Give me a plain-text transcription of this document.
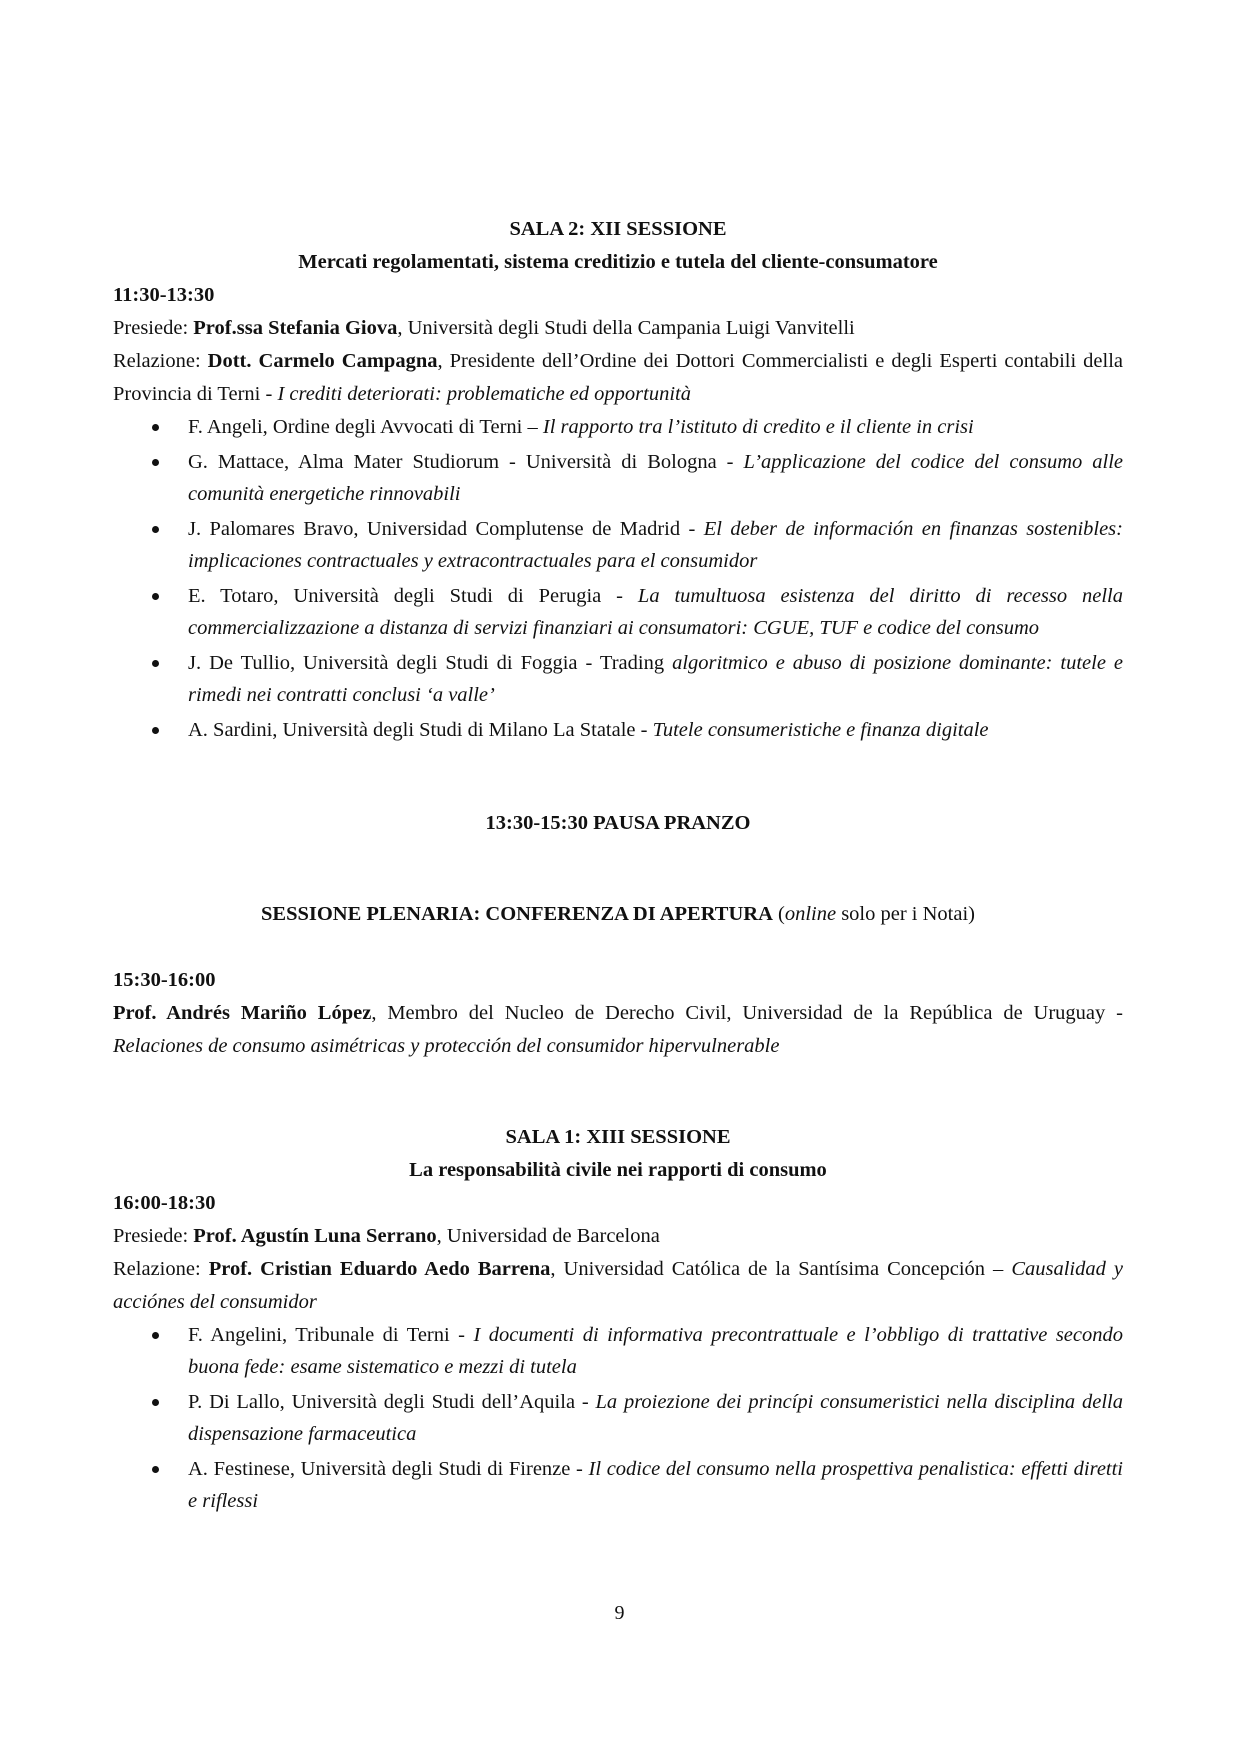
SALA 2: XII SESSIONE

Mercati regolamentati, sistema creditizio e tutela del cliente-consumatore

11:30-13:30

Presiede: Prof.ssa Stefania Giova, Università degli Studi della Campania Luigi Vanvitelli

Relazione: Dott. Carmelo Campagna, Presidente dell’Ordine dei Dottori Commercialisti e degli Esperti contabili della Provincia di Terni - I crediti deteriorati: problematiche ed opportunità

F. Angeli, Ordine degli Avvocati di Terni – Il rapporto tra l’istituto di credito e il cliente in crisi
G. Mattace, Alma Mater Studiorum - Università di Bologna - L’applicazione del codice del consumo alle comunità energetiche rinnovabili
J. Palomares Bravo, Universidad Complutense de Madrid - El deber de información en finanzas sostenibles: implicaciones contractuales y extracontractuales para el consumidor
E. Totaro, Università degli Studi di Perugia - La tumultuosa esistenza del diritto di recesso nella commercializzazione a distanza di servizi finanziari ai consumatori: CGUE, TUF e codice del consumo
J. De Tullio, Università degli Studi di Foggia - Trading algoritmico e abuso di posizione dominante: tutele e rimedi nei contratti conclusi ‘a valle’
A. Sardini, Università degli Studi di Milano La Statale - Tutele consumeristiche e finanza digitale

13:30-15:30 PAUSA PRANZO

SESSIONE PLENARIA: CONFERENZA DI APERTURA (online solo per i Notai)

15:30-16:00

Prof. Andrés Mariño López, Membro del Nucleo de Derecho Civil, Universidad de la República de Uruguay - Relaciones de consumo asimétricas y protección del consumidor hipervulnerable

SALA 1: XIII SESSIONE

La responsabilità civile nei rapporti di consumo

16:00-18:30

Presiede: Prof. Agustín Luna Serrano, Universidad de Barcelona

Relazione: Prof. Cristian Eduardo Aedo Barrena, Universidad Católica de la Santísima Concepción – Causalidad y acciónes del consumidor

F. Angelini, Tribunale di Terni - I documenti di informativa precontrattuale e l’obbligo di trattative secondo buona fede: esame sistematico e mezzi di tutela
P. Di Lallo, Università degli Studi dell’Aquila - La proiezione dei princípi consumeristici nella disciplina della dispensazione farmaceutica
A. Festinese, Università degli Studi di Firenze - Il codice del consumo nella prospettiva penalistica: effetti diretti e riflessi
9
